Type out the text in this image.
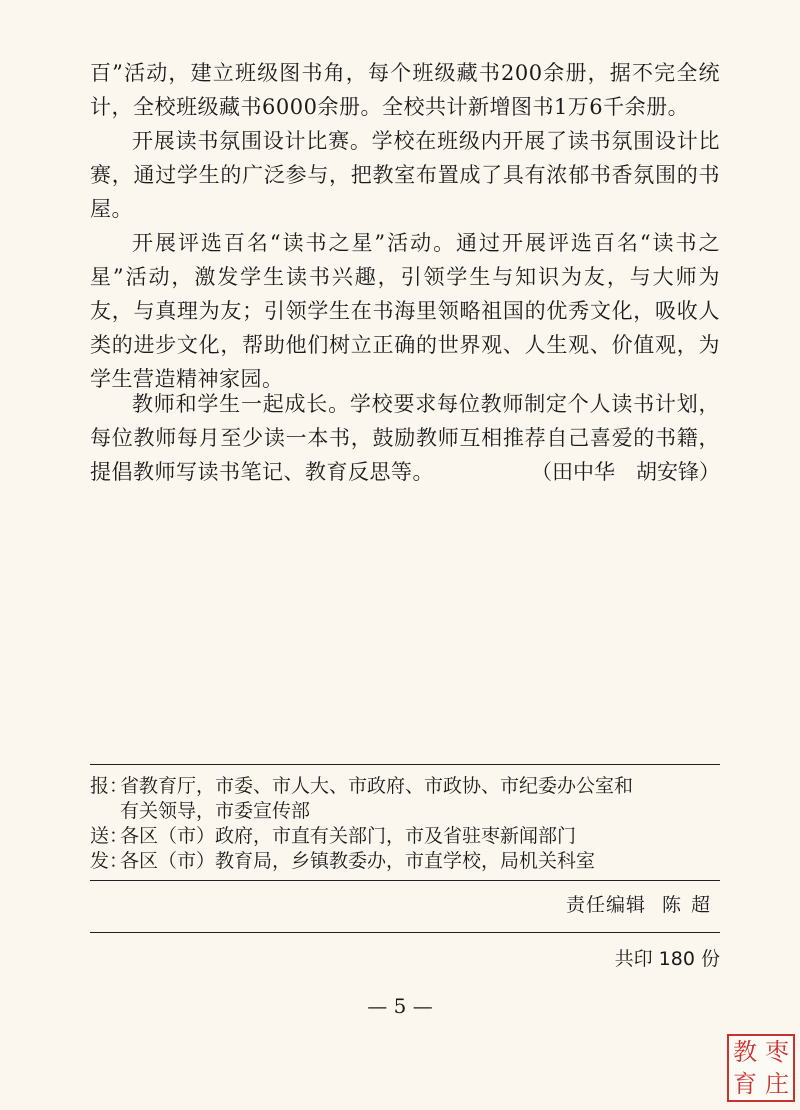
百”活动，建立班级图书角，每个班级藏书200余册，据不完全统计，全校班级藏书6000余册。全校共计新增图书1万6千余册。

开展读书氛围设计比赛。学校在班级内开展了读书氛围设计比赛，通过学生的广泛参与，把教室布置成了具有浓郁书香氛围的书屋。

开展评选百名“读书之星”活动。通过开展评选百名“读书之星”活动，激发学生读书兴趣，引领学生与知识为友，与大师为友，与真理为友；引领学生在书海里领略祖国的优秀文化，吸收人类的进步文化，帮助他们树立正确的世界观、人生观、价值观，为学生营造精神家园。

教师和学生一起成长。学校要求每位教师制定个人读书计划，每位教师每月至少读一本书，鼓励教师互相推荐自己喜爱的书籍，提倡教师写读书笔记、教育反思等。	（田中华　胡安锋）
报：
省教育厅，市委、市人大、市政府、市政协、市纪委办公室和
有关领导，市委宣传部
送：
各区（市）政府，市直有关部门，市及省驻枣新闻部门
发：
各区（市）教育局，乡镇教委办，市直学校，局机关科室
责任编辑 陈超
共印 180 份
— 5 —
教 枣
育 庄
